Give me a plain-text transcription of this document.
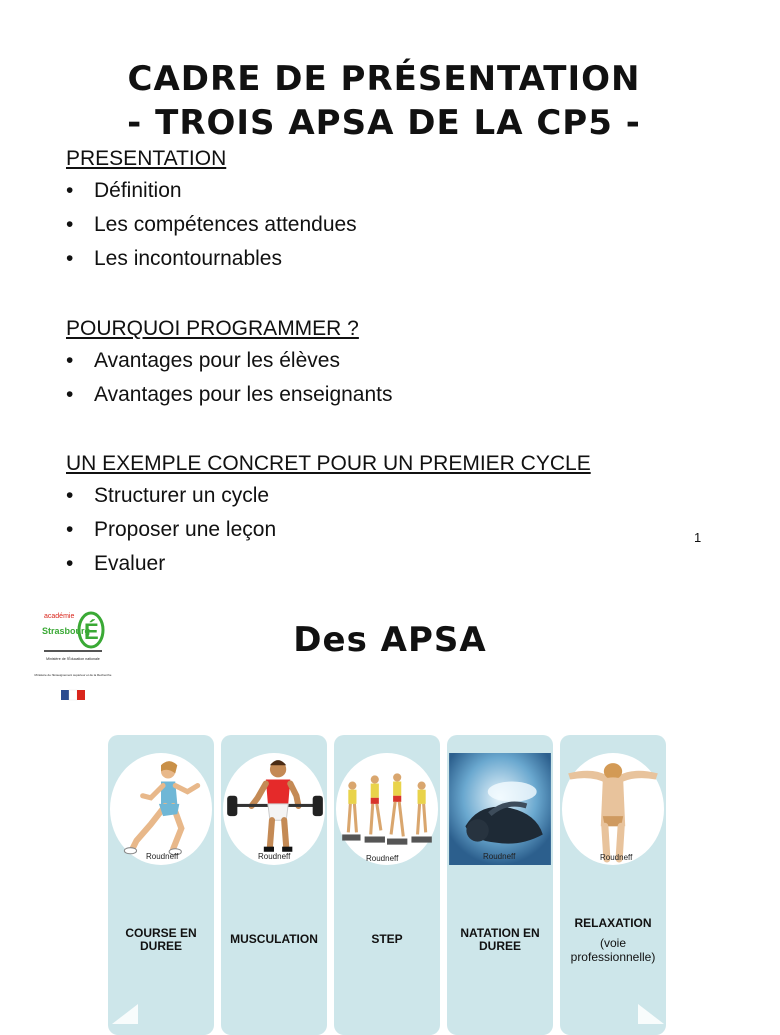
CADRE DE PRÉSENTATION
- TROIS APSA DE LA CP5 -
PRESENTATION
• Définition
• Les compétences attendues
• Les incontournables
POURQUOI PROGRAMMER ?
• Avantages pour les élèves
• Avantages pour les enseignants
UN EXEMPLE CONCRET POUR UN PREMIER CYCLE
• Structurer un cycle
• Proposer une leçon
• Evaluer
1
académie
Strasbourg
É
Ministère de l'Éducation nationale
Ministère de l'Enseignement supérieur et de la Recherche
Des APSA
Roudneff
COURSE EN DUREE
Roudneff
MUSCULATION
Roudneff
STEP
Roudneff
NATATION EN DUREE
Roudneff
RELAXATION
(voie professionnelle)
